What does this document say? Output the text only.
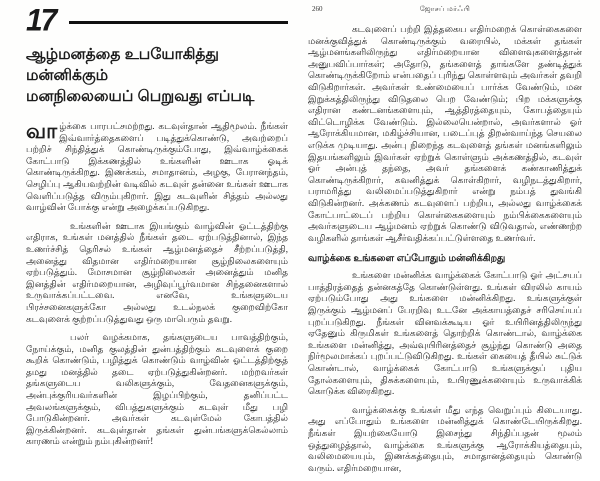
17
ஆழ்மனத்தை உபயோகித்து மன்னிக்கும்
மனநிலையைப் பெறுவது எப்படி

வாழ்க்கை பாரபட்சமற்றது. கடவுள்தான் ஆதிமூலம். நீங்கள் இவ்வார்த்தைகளைப் படித்துக்கொண்டு, அவற்றைப் பற்றிச் சிந்தித்துக் கொண்டிருக்கும்போது, இவ்வாழ்க்கைக் கோட்பாடு இக்கணத்தில் உங்களின் ஊடாக ஓடிக் கொண்டிருக்கிறது. இணக்கம், சமாதானம், அழகு, பேரானந்தம், செழிப்பு ஆகியவற்றின் வடிவில் கடவுள் தன்னை உங்கள் ஊடாக வெளிப்படுத்த விரும்புகிறார். இது கடவுளின் சித்தம் அல்லது வாழ்வின் போக்கு என்று அழைக்கப்படுகிறது.

உங்களின் ஊடாக இயங்கும் வாழ்வின் ஓட்டத்திற்கு எதிராக, உங்கள் மனத்தில் நீங்கள் தடை ஏற்படுத்தினால், இந்த உணர்ச்சித் தெரிசல் உங்கள் ஆழ்மனத்தைச் சீற்றப்படுத்தி, அனைத்து விதமான எதிர்மறையான சூழ்நிலைகளையும் ஏற்படுத்தும். மோசமான சூழ்நிலைகள் அனைத்தும் மனித இனத்தின் எதிர்மறையான, அழிவுப்பூர்வமான சிந்தனைகளால் உருவாக்கப்பட்டவை. எனவே, உங்களுடைய பிரச்சனைகளுக்கோ அல்லது உடல்நலக் குறைவிற்கோ கடவுளைக் குற்றப்படுத்துவது ஒரு மாபெரும் தவறு.

பலர் வழக்கமாக, தங்களுடைய பாவத்திற்கும், நோய்க்கும், மனித குலத்தின் துன்பத்திற்கும் கடவுளைக் குறை கூறிக் கொண்டும், பழித்துக் கொண்டும் வாழ்வின் ஓட்டத்திற்குத் தமது மனத்தில் தடை ஏற்படுத்துகின்றனர். மற்றவர்கள் தங்களுடைய வலிகளுக்கும், வேதனைகளுக்கும், அன்புக்குரியவர்களின் இழப்பிற்கும், தனிப்பட்ட அவலங்களுக்கும், விபத்துகளுக்கும் கடவுள் மீது பழி போடுகின்றனர். அவர்கள் கடவுள்மேல் கோபத்தில் இருக்கின்றனர். கடவுள்தான் தங்கள் துன்பங்களுக்கெல்லாம் காரணம் என்றும் நம்புகின்றனர்!

260	ஜோசப் மர்ஃபி

கடவுளைப் பற்றி இத்தகைய எதிர்மறைக் கொள்கைகளை மனக்குவித்துக் கொண்டிருக்கும் வரையில், மக்கள் தங்கள் ஆழ்மனங்களிலிருந்து எதிர்மறையான விளைவுகளைத்தான் அனுபவிப்பார்கள்; அதோடு, தங்களைத் தாங்களே தண்டித்துக் கொண்டிருக்கிறோம் என்பதைப் புரிந்து கொள்ளவும் அவர்கள் தவறி விடுகிறார்கள். அவர்கள் உண்மையைப் பார்க்க வேண்டும், மன இறுக்கத்திலிருந்து விடுதலை பெற வேண்டும்; பிற மக்களுக்கு எதிரான கண்டனங்களையும், ஆத்திரத்தையும், கோபத்தையும் விட்டொழிக்க வேண்டும். இல்லையென்றால், அவர்களால் ஓர் ஆரோக்கியமான, மகிழ்ச்சியான, படைப்புத் திறன்வாய்ந்த செயலை எடுக்க முடியாது. அன்பு நிறைந்த கடவுளைத் தங்கள் மனங்களிலும் இதயங்களிலும் இவர்கள் ஏற்றுக் கொள்ளும் அக்கணத்தில், கடவுள் ஓர் அன்புத் தந்தை, அவர் தங்களைக் கண்காணித்துக் கொண்டிருக்கிறார், கவனித்துக் கொள்கிறார், வழிநடத்துகிறார், பராமரித்து வலிமைப்படுத்துகிறார் என்று நம்பத் துவங்கி விடுகின்றனர். அக்கணம் கடவுளைப் பற்றிய, அல்லது வாழ்க்கைக் கோட்பாட்டைப் பற்றிய கொள்கைகளையும் நம்பிக்கைகளையும் அவர்களுடைய ஆழ்மனம் ஏற்றுக் கொண்டு விடுவதால், எண்ணற்ற வழிகளில் தாங்கள் ஆசீர்வதிக்கப்பட்டுள்ளதை உணர்வர்.

வாழ்க்கை உங்களை எப்போதும் மன்னிக்கிறது

உங்களை மன்னிக்க வாழ்க்கைக் கோட்பாடு ஓர் அட்சயப் பாத்திரத்தைத் தன்னகத்தே கொண்டுள்ளது. உங்கள் விரலில் காயம் ஏற்படும்போது அது உங்களை மன்னிக்கிறது. உங்களுக்குள் இருக்கும் ஆழ்மனப் பேரறிவு உடனே அக்காயத்தைச் சரிசெய்யப் புறப்படுகிறது. நீங்கள் வினவக்கூடிய ஓர் உயிரினத்திலிருந்து ஏதேனும் கிருமிகள் உங்களைத் தொற்றிக் கொண்டால், வாழ்க்கை உங்களை மன்னித்து, அவ்வுயிரினத்தைச் சூழ்ந்து கொண்டு அதை நிர்மூலமாக்கப் புறப்பட்டுவிடுகிறது. உங்கள் கையைத் தீயில் சுட்டுக் கொண்டால், வாழ்க்கைக் கோட்பாடு உங்களுக்குப் புதிய தோல்களையும், திசுக்களையும், உயிரணுக்களையும் உருவாக்கிக் கொடுக்க விரைகிறது.

வாழ்க்கைக்கு உங்கள் மீது எந்த வெறுப்பும் கிடையாது. அது எப்போதும் உங்களை மன்னித்துக் கொண்டேயிருக்கிறது. நீங்கள் இயற்கையோடு இசைந்து சிந்திப்பதன் மூலம் ஒத்துழைத்தால், வாழ்க்கை உங்களுக்கு ஆரோக்கியத்தையும், வலிமையையும், இணக்கத்தையும், சமாதானத்தையும் கொண்டு வரும். எதிர்மறையான,
